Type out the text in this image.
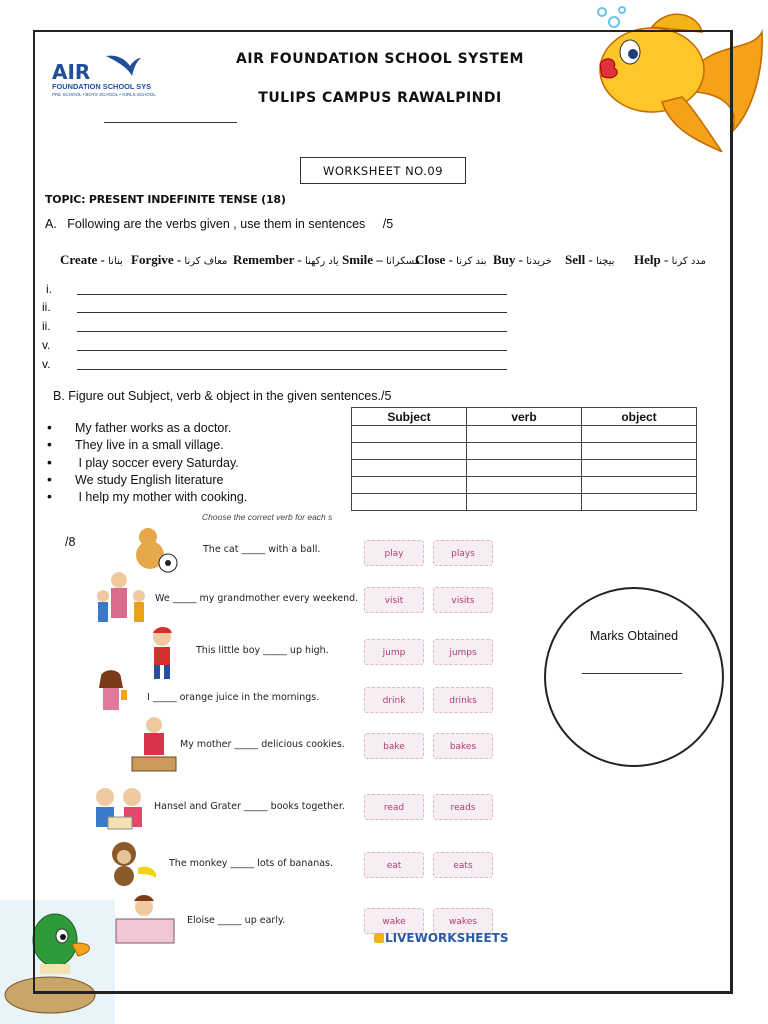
AIR
FOUNDATION SCHOOL SYS
PRE SCHOOL • BOYS SCHOOL • GIRLS SCHOOL
AIR FOUNDATION SCHOOL SYSTEM
TULIPS CAMPUS RAWALPINDI
WORKSHEET NO.09
TOPIC: PRESENT INDEFINITE TENSE (18)
A. Following are the verbs given , use them in sentences /5
Create - بنانا Forgive - معاف کرنا Remember - یاد رکھنا Smile – مسکرانا
Close - بند کرنا Buy - خریدنا Sell - بیچنا Help - مدد کرنا
i.
ii.
ii.
v.
v.
B. Figure out Subject, verb & object in the given sentences./5
• My father works as a doctor.
• They live in a small village.
• I play soccer every Saturday.
• We study English literature
• I help my mother with cooking.
Subject	verb	object

Choose the correct verb for each s
/8
The cat _____ with a ball.	play	plays
We _____ my grandmother every weekend.	visit	visits
This little boy _____ up high.	jump	jumps
I _____ orange juice in the mornings.	drink	drinks
My mother _____ delicious cookies.	bake	bakes
Hansel and Grater _____ books together.	read	reads
The monkey _____ lots of bananas.	eat	eats
Eloise _____ up early.	wake	wakes
LIVEWORKSHEETS
Marks Obtained
